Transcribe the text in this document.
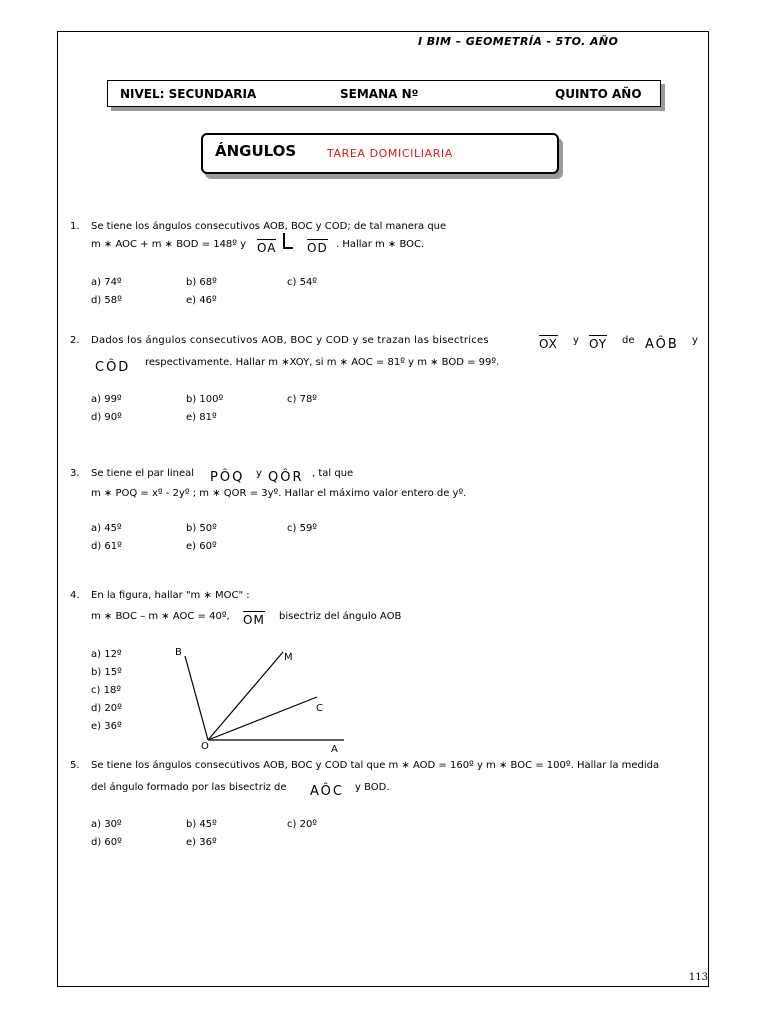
I BIM – GEOMETRÍA - 5TO. AÑO
NIVEL: SECUNDARIA	SEMANA Nº	QUINTO AÑO
ÁNGULOS	TAREA DOMICILIARIA
1. Se tiene los ángulos consecutivos AOB, BOC y COD; de tal manera que
m ∗ AOC + m ∗ BOD = 148º y OA	OD . Hallar m ∗ BOC.
a) 74º	b) 68º	c) 54º
d) 58º	e) 46º
2. Dados los ángulos consecutivos AOB, BOC y COD y se trazan las bisectrices	OX y OY de AÔB y
CÔD respectivamente. Hallar m ∗XOY, si m ∗ AOC = 81º y m ∗ BOD = 99º.
a) 99º	b) 100º	c) 78º
d) 90º	e) 81º
3. Se tiene el par lineal PÔQ y QÔR , tal que
m ∗ POQ = xº - 2yº ; m ∗ QOR = 3yº. Hallar el máximo valor entero de yº.
a) 45º	b) 50º	c) 59º
d) 61º	e) 60º
4. En la figura, hallar "m ∗ MOC" :
m ∗ BOC – m ∗ AOC = 40º, OM bisectriz del ángulo AOB
a) 12º
b) 15º
c) 18º
d) 20º
e) 36º
B	M
C
O	A
5. Se tiene los ángulos consecutivos AOB, BOC y COD tal que m ∗ AOD = 160º y m ∗ BOC = 100º. Hallar la medida
del ángulo formado por las bisectriz de AÔC y BOD.
a) 30º	b) 45º	c) 20º
d) 60º	e) 36º
113
